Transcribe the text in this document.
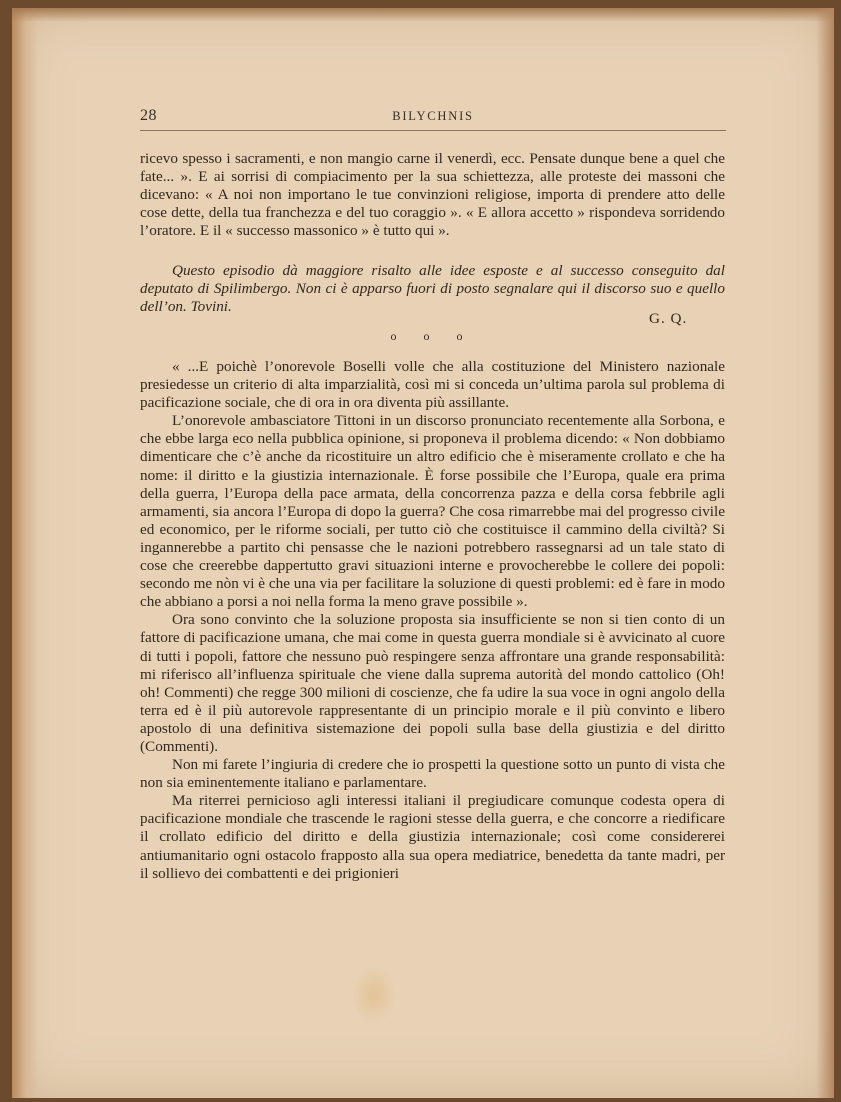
28	BILYCHNIS

ricevo spesso i sacramenti, e non mangio carne il venerdì, ecc. Pensate dunque bene a quel che fate... ». E ai sorrisi di compiacimento per la sua schiettezza, alle proteste dei massoni che dicevano: « A noi non importano le tue convinzioni religiose, importa di prendere atto delle cose dette, della tua franchezza e del tuo coraggio ». « E allora accetto » rispondeva sorridendo l’oratore. E il « successo massonico » è tutto qui ».

Questo episodio dà maggiore risalto alle idee esposte e al successo conseguito dal deputato di Spilimbergo. Non ci è apparso fuori di posto segnalare qui il discorso suo e quello dell’on. Tovini.

G. Q.
o o o

« ...E poichè l’onorevole Boselli volle che alla costituzione del Ministero nazionale presiedesse un criterio di alta imparzialità, così mi si conceda un’ultima parola sul problema di pacificazione sociale, che di ora in ora diventa più assillante.

L’onorevole ambasciatore Tittoni in un discorso pronunciato recentemente alla Sorbona, e che ebbe larga eco nella pubblica opinione, si proponeva il problema dicendo: « Non dobbiamo dimenticare che c’è anche da ricostituire un altro edificio che è miseramente crollato e che ha nome: il diritto e la giustizia internazionale. È forse possibile che l’Europa, quale era prima della guerra, l’Europa della pace armata, della concorrenza pazza e della corsa febbrile agli armamenti, sia ancora l’Europa di dopo la guerra? Che cosa rimarrebbe mai del progresso civile ed economico, per le riforme sociali, per tutto ciò che costituisce il cammino della civiltà? Si ingannerebbe a partito chi pensasse che le nazioni potrebbero rassegnarsi ad un tale stato di cose che creerebbe dappertutto gravi situazioni interne e provocherebbe le collere dei popoli: secondo me nòn vi è che una via per facilitare la soluzione di questi problemi: ed è fare in modo che abbiano a porsi a noi nella forma la meno grave possibile ».

Ora sono convinto che la soluzione proposta sia insufficiente se non si tien conto di un fattore di pacificazione umana, che mai come in questa guerra mondiale si è avvicinato al cuore di tutti i popoli, fattore che nessuno può respingere senza affrontare una grande responsabilità: mi riferisco all’influenza spirituale che viene dalla suprema autorità del mondo cattolico (Oh! oh! Commenti) che regge 300 milioni di coscienze, che fa udire la sua voce in ogni angolo della terra ed è il più autorevole rappresentante di un principio morale e il più convinto e libero apostolo di una definitiva sistemazione dei popoli sulla base della giustizia e del diritto (Commenti).

Non mi farete l’ingiuria di credere che io prospetti la questione sotto un punto di vista che non sia eminentemente italiano e parlamentare.

Ma riterrei pernicioso agli interessi italiani il pregiudicare comunque codesta opera di pacificazione mondiale che trascende le ragioni stesse della guerra, e che concorre a riedificare il crollato edificio del diritto e della giustizia internazionale; così come considererei antiumanitario ogni ostacolo frapposto alla sua opera mediatrice, benedetta da tante madri, per il sollievo dei combattenti e dei prigionieri
